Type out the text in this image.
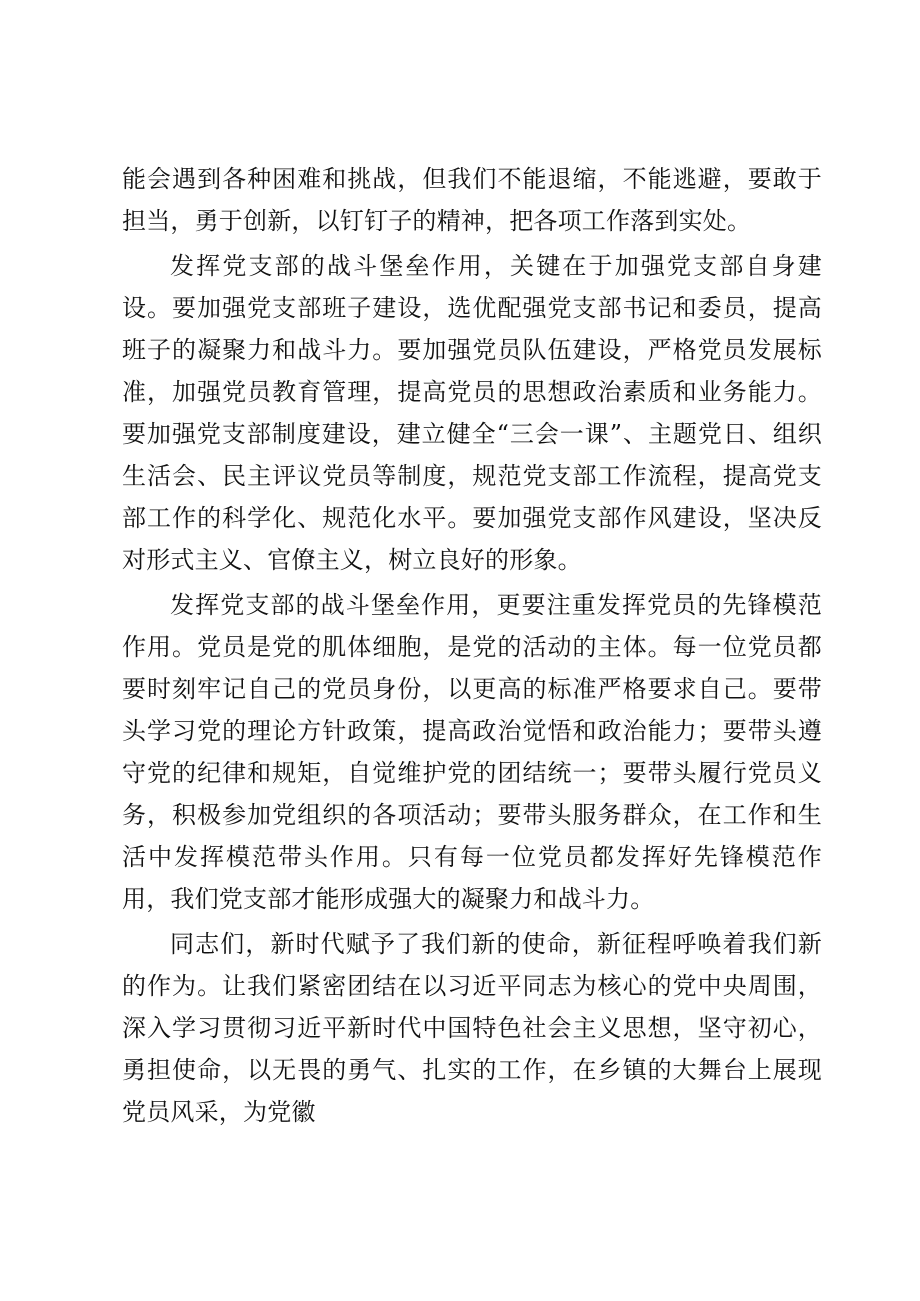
能会遇到各种困难和挑战，但我们不能退缩，不能逃避，要敢于担当，勇于创新，以钉钉子的精神，把各项工作落到实处。

发挥党支部的战斗堡垒作用，关键在于加强党支部自身建设。要加强党支部班子建设，选优配强党支部书记和委员，提高班子的凝聚力和战斗力。要加强党员队伍建设，严格党员发展标准，加强党员教育管理，提高党员的思想政治素质和业务能力。要加强党支部制度建设，建立健全“三会一课”、主题党日、组织生活会、民主评议党员等制度，规范党支部工作流程，提高党支部工作的科学化、规范化水平。要加强党支部作风建设，坚决反对形式主义、官僚主义，树立良好的形象。

发挥党支部的战斗堡垒作用，更要注重发挥党员的先锋模范作用。党员是党的肌体细胞，是党的活动的主体。每一位党员都要时刻牢记自己的党员身份，以更高的标准严格要求自己。要带头学习党的理论方针政策，提高政治觉悟和政治能力；要带头遵守党的纪律和规矩，自觉维护党的团结统一；要带头履行党员义务，积极参加党组织的各项活动；要带头服务群众，在工作和生活中发挥模范带头作用。只有每一位党员都发挥好先锋模范作用，我们党支部才能形成强大的凝聚力和战斗力。

同志们，新时代赋予了我们新的使命，新征程呼唤着我们新的作为。让我们紧密团结在以习近平同志为核心的党中央周围，深入学习贯彻习近平新时代中国特色社会主义思想，坚守初心，勇担使命，以无畏的勇气、扎实的工作，在乡镇的大舞台上展现党员风采，为党徽
